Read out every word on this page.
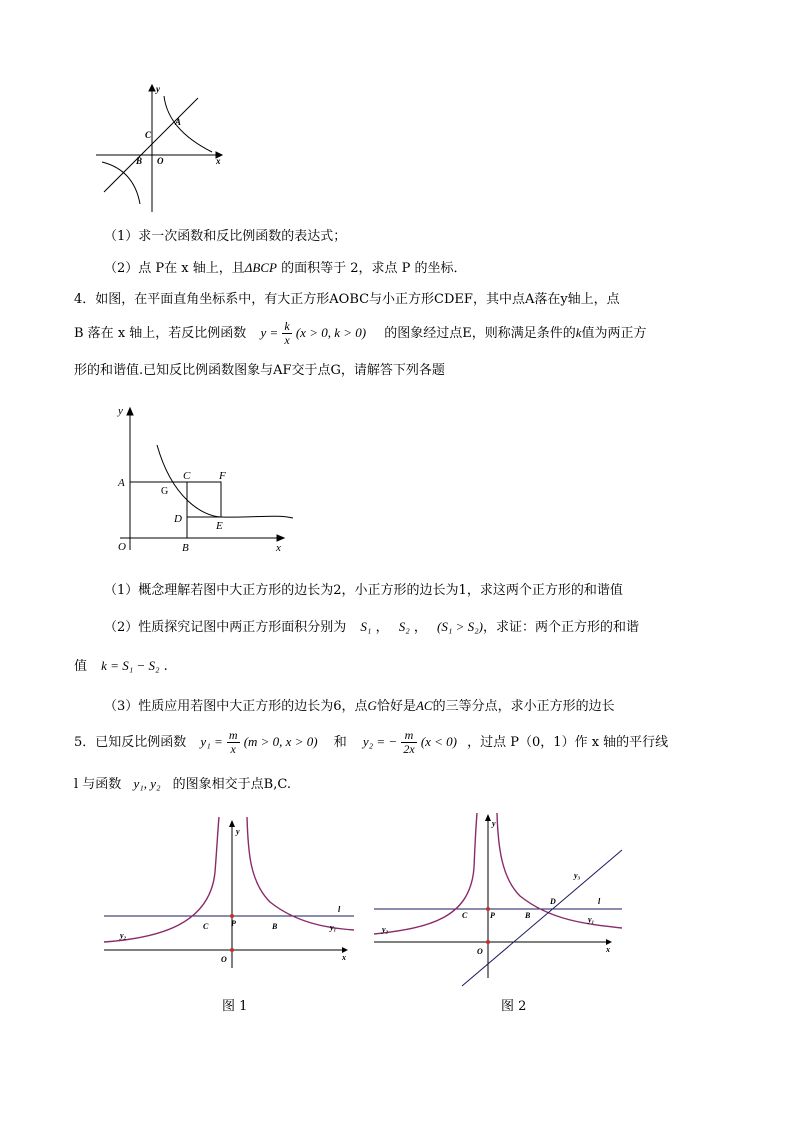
y
x
A
C
B O
（1）求一次函数和反比例函数的表达式；
（2）点 P在 x 轴上，且ΔBCP 的面积等于 2，求点 P 的坐标．
4．如图，在平面直角坐标系中，有大正方形AOBC与小正方形CDEF，其中点A落在y轴上，点
B 落在 x 轴上，若反比例函数 $y = \frac{k}{x} (x > 0$, k > 0) 的图象经过点E，则称满足条件的k值为两正方
形的和谐值.已知反比例函数图象与AF交于点G，请解答下列各题
y
A
G
C	F
D
E
O	B	x
（1）概念理解若图中大正方形的边长为2，小正方形的边长为1，求这两个正方形的和谐值
（2）性质探究记图中两正方形面积分别为 S₁ ， S₂ ， (S₁ > S₂)，求证：两个正方形的和谐
值 k = S₁ − S₂ .
（3）性质应用若图中大正方形的边长为6，点G恰好是AC的三等分点，求小正方形的边长
5．已知反比例函数 $y_1 = \frac{m}{x} (m > 0$, x > 0) 和 y₂ = − $\frac{m}{2x} (x < 0)$ ，过点 P（0，1）作 x 轴的平行线
l 与函数 y₁, y₂ 的图象相交于点B,C.
y
l
y₂
C	P	B	y₁
O	x
y
y₃
l
y₂
C	P	B
D
y₁
O	x
图 1	图 2
